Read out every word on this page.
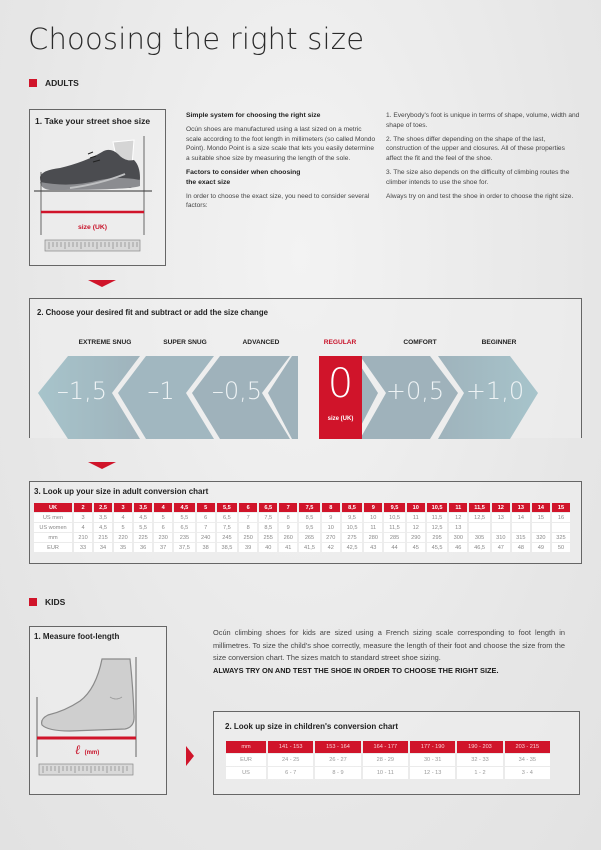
Choosing the right size
ADULTS
1. Take your street shoe size
size (UK)
Simple system for choosing the right size

Ocún shoes are manufactured using a last sized on a metric scale according to the foot length in millimeters (so called Mondo Point). Mondo Point is a size scale that lets you easily determine a suitable shoe size by measuring the length of the sole.

Factors to consider when choosing
the exact size

In order to choose the exact size, you need to consider several factors:

1. Everybody's foot is unique in terms of shape, volume, width and shape of toes.

2. The shoes differ depending on the shape of the last, construction of the upper and closures. All of these properties affect the fit and the feel of the shoe.

3. The size also depends on the difficulty of climbing routes the climber intends to use the shoe for.

Always try on and test the shoe in order to choose the right size.

2. Choose your desired fit and subtract or add the size change
EXTREME SNUG	SUPER SNUG	ADVANCED	REGULAR	COMFORT	BEGINNER
–1,5	–1	–0,5 0
size (UK)
+0,5 +1,0
3. Look up your size in adult conversion chart
UK	2	2,5	3	3,5	4	4,5	5	5,5	6	6,5	7	7,5	8	8,5	9	9,5	10	10,5	11	11,5	12	13	14	15
US men	3	3,5	4	4,5	5	5,5	6	6,5	7	7,5	8	8,5	9	9,5	10	10,5	11	11,5	12	12,5	13	14	15	16
US women	4	4,5	5	5,5	6	6,5	7	7,5	8	8,5	9	9,5	10	10,5	11	11,5	12	12,5	13					
mm	210	215	220	225	230	235	240	245	250	255	260	265	270	275	280	285	290	295	300	305	310	315	320	325
EUR	33	34	35	36	37	37,5	38	38,5	39	40	41	41,5	42	42,5	43	44	45	45,5	46	46,5	47	48	49	50
KIDS
1. Measure foot-length
ℓ (mm)
Ocún climbing shoes for kids are sized using a French sizing scale corresponding to foot length in millimetres. To size the child's shoe correctly, measure the length of their foot and choose the size from the size conversion chart. The sizes match to standard street shoe sizing.
ALWAYS TRY ON AND TEST THE SHOE IN ORDER TO CHOOSE THE RIGHT SIZE.
2. Look up size in children's conversion chart
mm	141 - 153	153 - 164	164 - 177	177 - 190	190 - 203	203 - 215
EUR	24 - 25	26 - 27	28 - 29	30 - 31	32 - 33	34 - 35
US	6 - 7	8 - 9	10 - 11	12 - 13	1 - 2	3 - 4
